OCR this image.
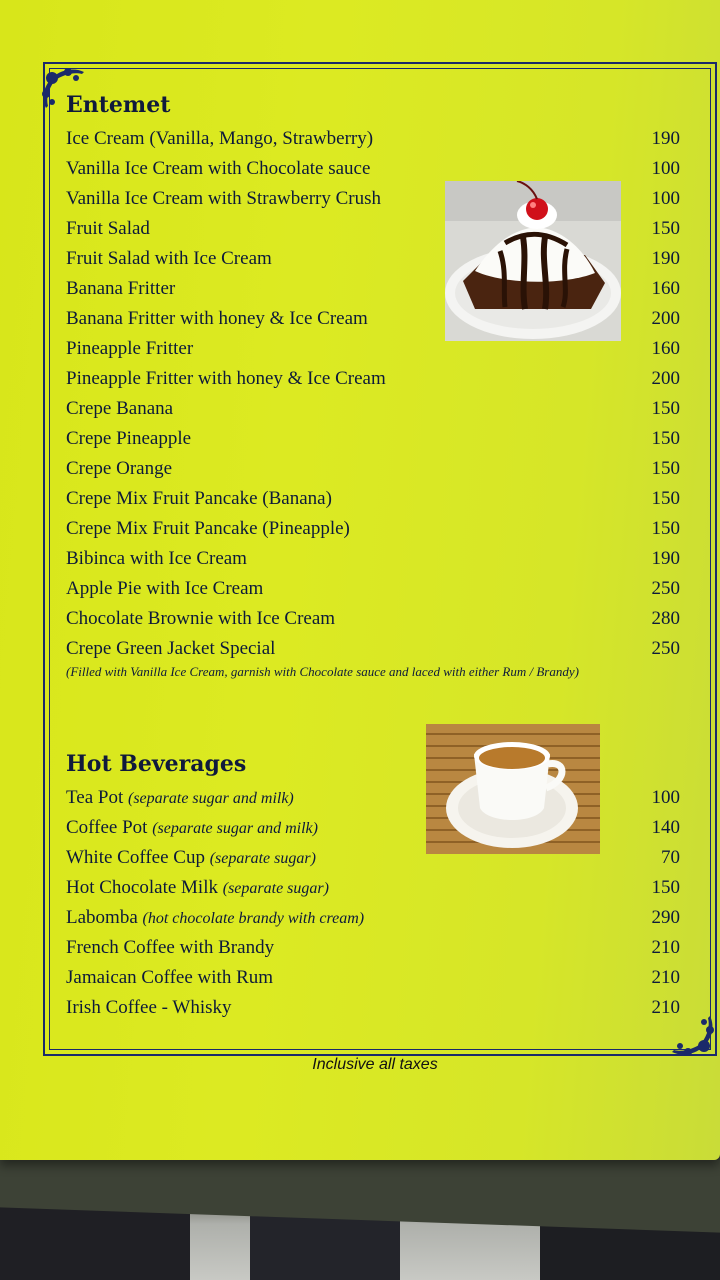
Entemet
Ice Cream (Vanilla, Mango, Strawberry)	190
Vanilla Ice Cream with Chocolate sauce	100
Vanilla Ice Cream with Strawberry Crush	100
Fruit Salad	150
Fruit Salad with Ice Cream	190
Banana Fritter	160
Banana Fritter with honey & Ice Cream	200
Pineapple Fritter	160
Pineapple Fritter with honey & Ice Cream	200
Crepe Banana	150
Crepe Pineapple	150
Crepe Orange	150
Crepe Mix Fruit Pancake (Banana)	150
Crepe Mix Fruit Pancake (Pineapple)	150
Bibinca with Ice Cream	190
Apple Pie with Ice Cream	250
Chocolate Brownie with Ice Cream	280
Crepe Green Jacket Special	250
(Filled with Vanilla Ice Cream, garnish with Chocolate sauce and laced with either Rum / Brandy)
Hot Beverages
Tea Pot (separate sugar and milk)	100
Coffee Pot (separate sugar and milk)	140
White Coffee Cup (separate sugar)	70
Hot Chocolate Milk (separate sugar)	150
Labomba (hot chocolate brandy with cream)	290
French Coffee with Brandy	210
Jamaican Coffee with Rum	210
Irish Coffee - Whisky	210
Inclusive all taxes
